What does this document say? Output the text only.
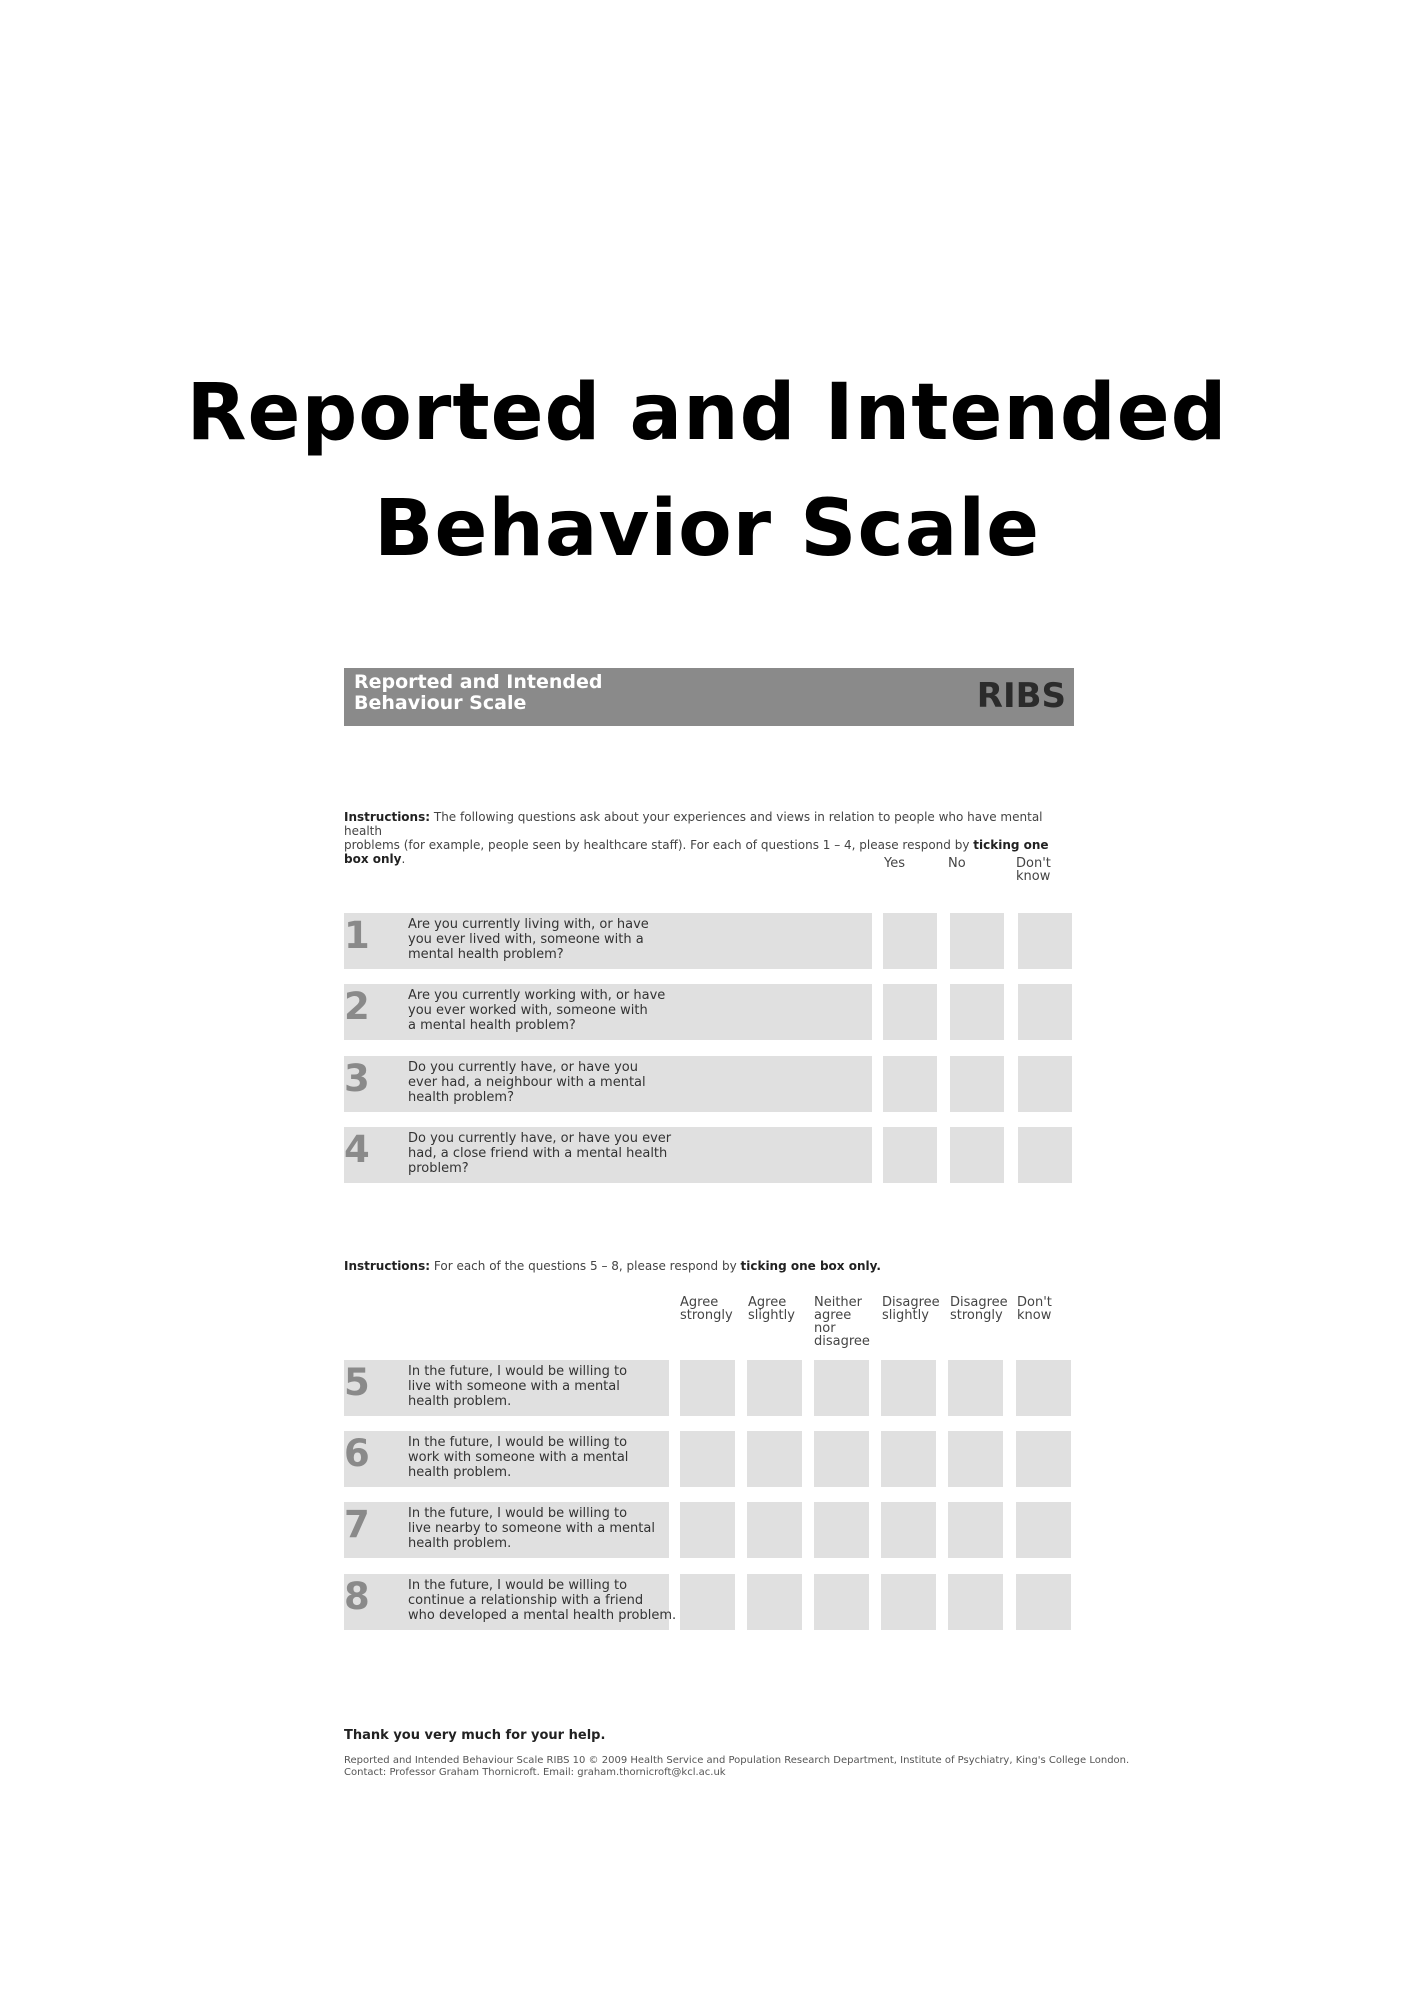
Reported and Intended
Behavior Scale
Reported and Intended
Behaviour Scale	RIBS
Instructions: The following questions ask about your experiences and views in relation to people who have mental health
problems (for example, people seen by healthcare staff). For each of questions 1 – 4, please respond by ticking one box only.	Yes	No	Don't know
1	Are you currently living with, or have
you ever lived with, someone with a
mental health problem?
2	Are you currently working with, or have
you ever worked with, someone with
a mental health problem?
3	Do you currently have, or have you
ever had, a neighbour with a mental
health problem?
4	Do you currently have, or have you ever
had, a close friend with a mental health
problem?
Instructions: For each of the questions 5 – 8, please respond by ticking one box only.
Agree strongly
Agree slightly
Neither agree nor disagree
Disagree slightly
Disagree strongly
Don't know
5	In the future, I would be willing to
live with someone with a mental
health problem.
6	In the future, I would be willing to
work with someone with a mental
health problem.
7	In the future, I would be willing to
live nearby to someone with a mental
health problem.
8	In the future, I would be willing to
continue a relationship with a friend
who developed a mental health problem.
Thank you very much for your help.
Reported and Intended Behaviour Scale RIBS 10 © 2009 Health Service and Population Research Department, Institute of Psychiatry, King's College London.
Contact: Professor Graham Thornicroft. Email: graham.thornicroft@kcl.ac.uk
